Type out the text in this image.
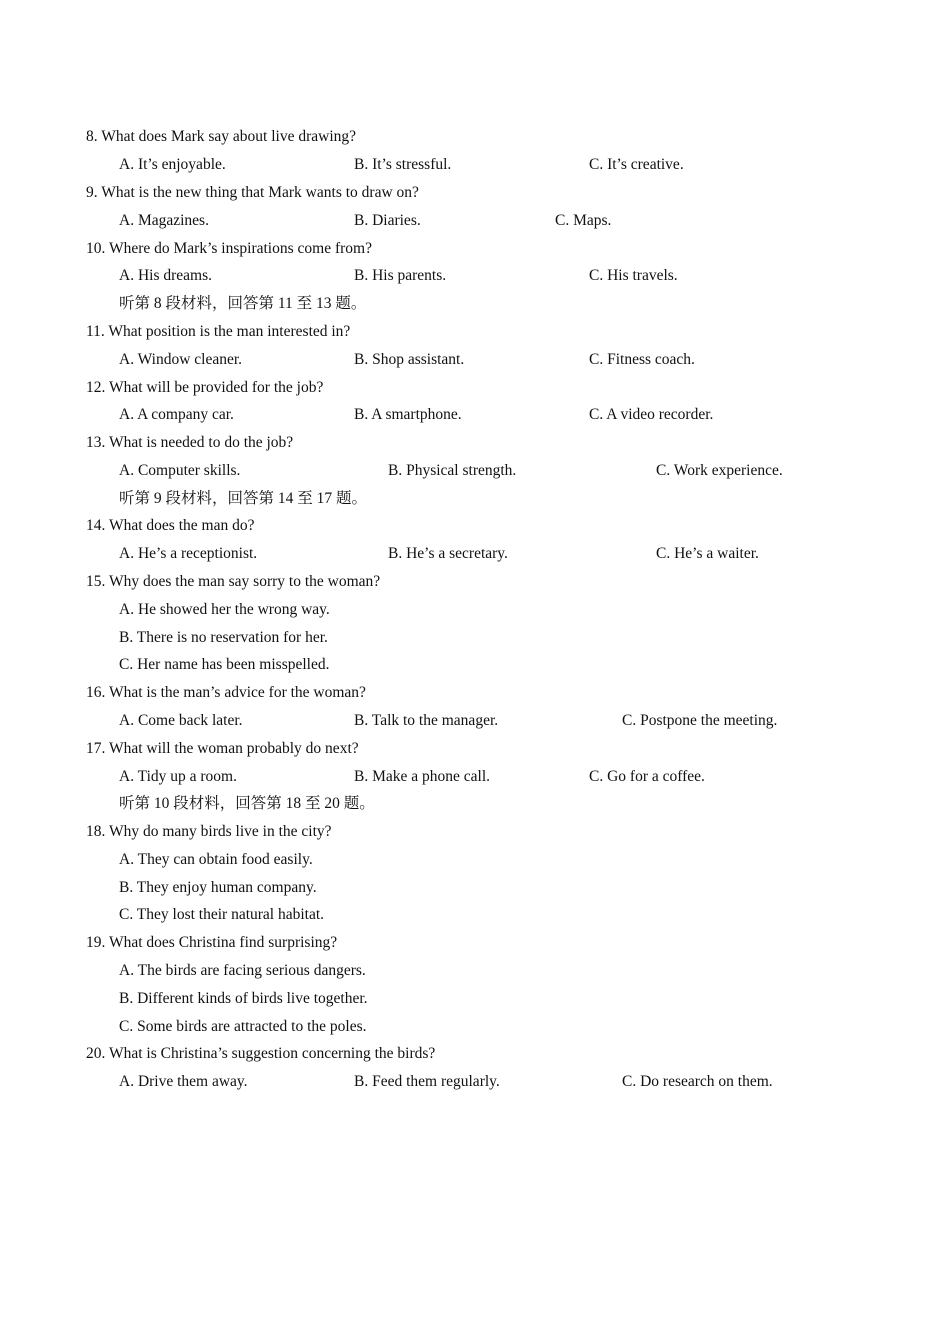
8. What does Mark say about live drawing?
A. It’s enjoyable.	B. It’s stressful.	C. It’s creative.
9. What is the new thing that Mark wants to draw on?
A. Magazines.	B. Diaries.	C. Maps.
10. Where do Mark’s inspirations come from?
A. His dreams.	B. His parents.	C. His travels.
听第 8 段材料，回答第 11 至 13 题。
11. What position is the man interested in?
A. Window cleaner.	B. Shop assistant.	C. Fitness coach.
12. What will be provided for the job?
A. A company car.	B. A smartphone.	C. A video recorder.
13. What is needed to do the job?
A. Computer skills.	B. Physical strength.	C. Work experience.
听第 9 段材料，回答第 14 至 17 题。
14. What does the man do?
A. He’s a receptionist.	B. He’s a secretary.	C. He’s a waiter.
15. Why does the man say sorry to the woman?
A. He showed her the wrong way.
B. There is no reservation for her.
C. Her name has been misspelled.
16. What is the man’s advice for the woman?
A. Come back later.	B. Talk to the manager.	C. Postpone the meeting.
17. What will the woman probably do next?
A. Tidy up a room.	B. Make a phone call.	C. Go for a coffee.
听第 10 段材料，回答第 18 至 20 题。
18. Why do many birds live in the city?
A. They can obtain food easily.
B. They enjoy human company.
C. They lost their natural habitat.
19. What does Christina find surprising?
A. The birds are facing serious dangers.
B. Different kinds of birds live together.
C. Some birds are attracted to the poles.
20. What is Christina’s suggestion concerning the birds?
A. Drive them away.	B. Feed them regularly.	C. Do research on them.
